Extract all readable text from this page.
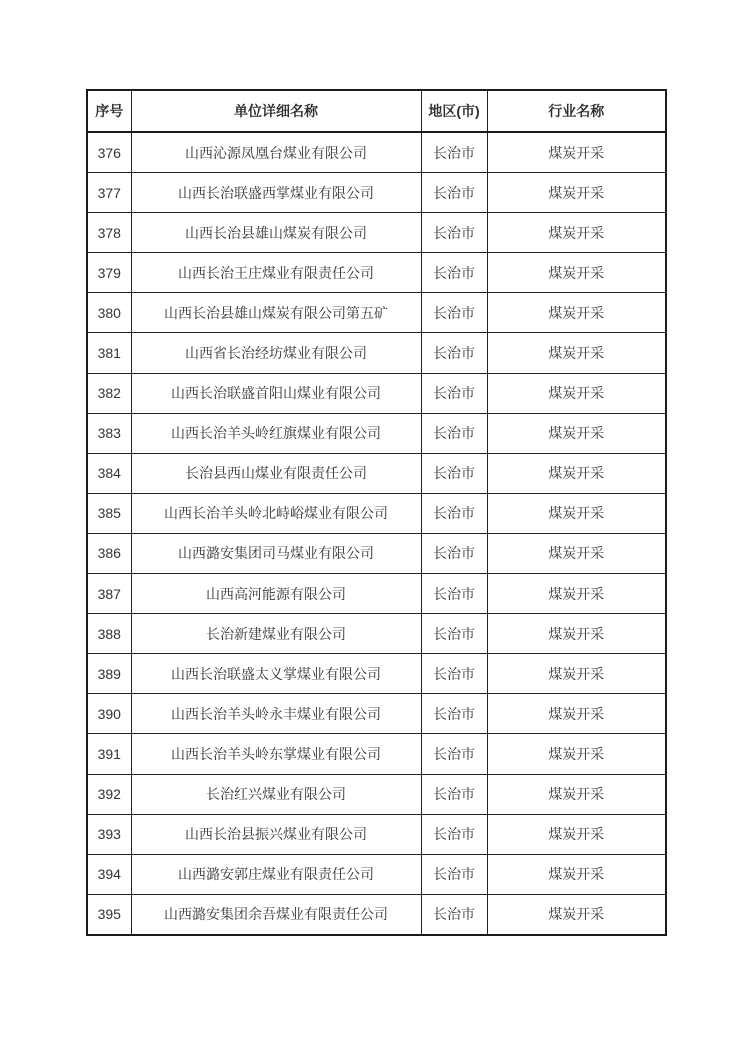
序号	单位详细名称	地区(市)	行业名称
376	山西沁源凤凰台煤业有限公司	长治市	煤炭开采
377	山西长治联盛西掌煤业有限公司	长治市	煤炭开采
378	山西长治县雄山煤炭有限公司	长治市	煤炭开采
379	山西长治王庄煤业有限责任公司	长治市	煤炭开采
380	山西长治县雄山煤炭有限公司第五矿	长治市	煤炭开采
381	山西省长治经坊煤业有限公司	长治市	煤炭开采
382	山西长治联盛首阳山煤业有限公司	长治市	煤炭开采
383	山西长治羊头岭红旗煤业有限公司	长治市	煤炭开采
384	长治县西山煤业有限责任公司	长治市	煤炭开采
385	山西长治羊头岭北峙峪煤业有限公司	长治市	煤炭开采
386	山西潞安集团司马煤业有限公司	长治市	煤炭开采
387	山西高河能源有限公司	长治市	煤炭开采
388	长治新建煤业有限公司	长治市	煤炭开采
389	山西长治联盛太义掌煤业有限公司	长治市	煤炭开采
390	山西长治羊头岭永丰煤业有限公司	长治市	煤炭开采
391	山西长治羊头岭东掌煤业有限公司	长治市	煤炭开采
392	长治红兴煤业有限公司	长治市	煤炭开采
393	山西长治县振兴煤业有限公司	长治市	煤炭开采
394	山西潞安郭庄煤业有限责任公司	长治市	煤炭开采
395	山西潞安集团余吾煤业有限责任公司	长治市	煤炭开采
